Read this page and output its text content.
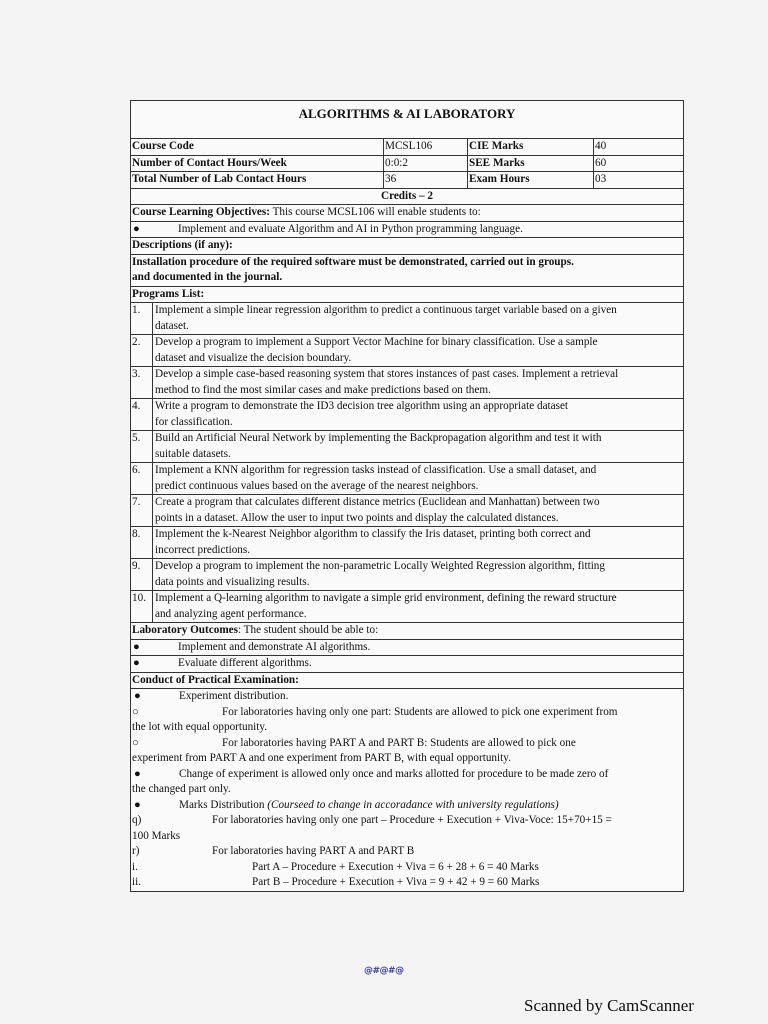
ALGORITHMS & AI LABORATORY
Course Code	MCSL106	CIE Marks	40
Number of Contact Hours/Week	0:0:2	SEE Marks	60
Total Number of Lab Contact Hours	36	Exam Hours	03
Credits – 2
Course Learning Objectives: This course MCSL106 will enable students to:
●	Implement and evaluate Algorithm and AI in Python programming language.
Descriptions (if any):
Installation procedure of the required software must be demonstrated, carried out in groups.
and documented in the journal.
Programs List:
1.	Implement a simple linear regression algorithm to predict a continuous target variable based on a given
dataset.
2.	Develop a program to implement a Support Vector Machine for binary classification. Use a sample
dataset and visualize the decision boundary.
3.	Develop a simple case-based reasoning system that stores instances of past cases. Implement a retrieval
method to find the most similar cases and make predictions based on them.
4.	Write a program to demonstrate the ID3 decision tree algorithm using an appropriate dataset
for classification.
5.	Build an Artificial Neural Network by implementing the Backpropagation algorithm and test it with
suitable datasets.
6.	Implement a KNN algorithm for regression tasks instead of classification. Use a small dataset, and
predict continuous values based on the average of the nearest neighbors.
7.	Create a program that calculates different distance metrics (Euclidean and Manhattan) between two
points in a dataset. Allow the user to input two points and display the calculated distances.
8.	Implement the k-Nearest Neighbor algorithm to classify the Iris dataset, printing both correct and
incorrect predictions.
9.	Develop a program to implement the non-parametric Locally Weighted Regression algorithm, fitting
data points and visualizing results.
10. Implement a Q-learning algorithm to navigate a simple grid environment, defining the reward structure
and analyzing agent performance.
Laboratory Outcomes: The student should be able to:
●	Implement and demonstrate AI algorithms.
●	Evaluate different algorithms.
Conduct of Practical Examination:
●	Experiment distribution.
○	For laboratories having only one part: Students are allowed to pick one experiment from
the lot with equal opportunity.
○	For laboratories having PART A and PART B: Students are allowed to pick one
experiment from PART A and one experiment from PART B, with equal opportunity.
●	Change of experiment is allowed only once and marks allotted for procedure to be made zero of
the changed part only.
●	Marks Distribution (Courseed to change in accoradance with university regulations)
q)	For laboratories having only one part – Procedure + Execution + Viva-Voce: 15+70+15 =
100 Marks
r)	For laboratories having PART A and PART B
i.	Part A – Procedure + Execution + Viva = 6 + 28 + 6 = 40 Marks
ii.	Part B – Procedure + Execution + Viva = 9 + 42 + 9 = 60 Marks
@#@#@
Scanned by CamScanner
